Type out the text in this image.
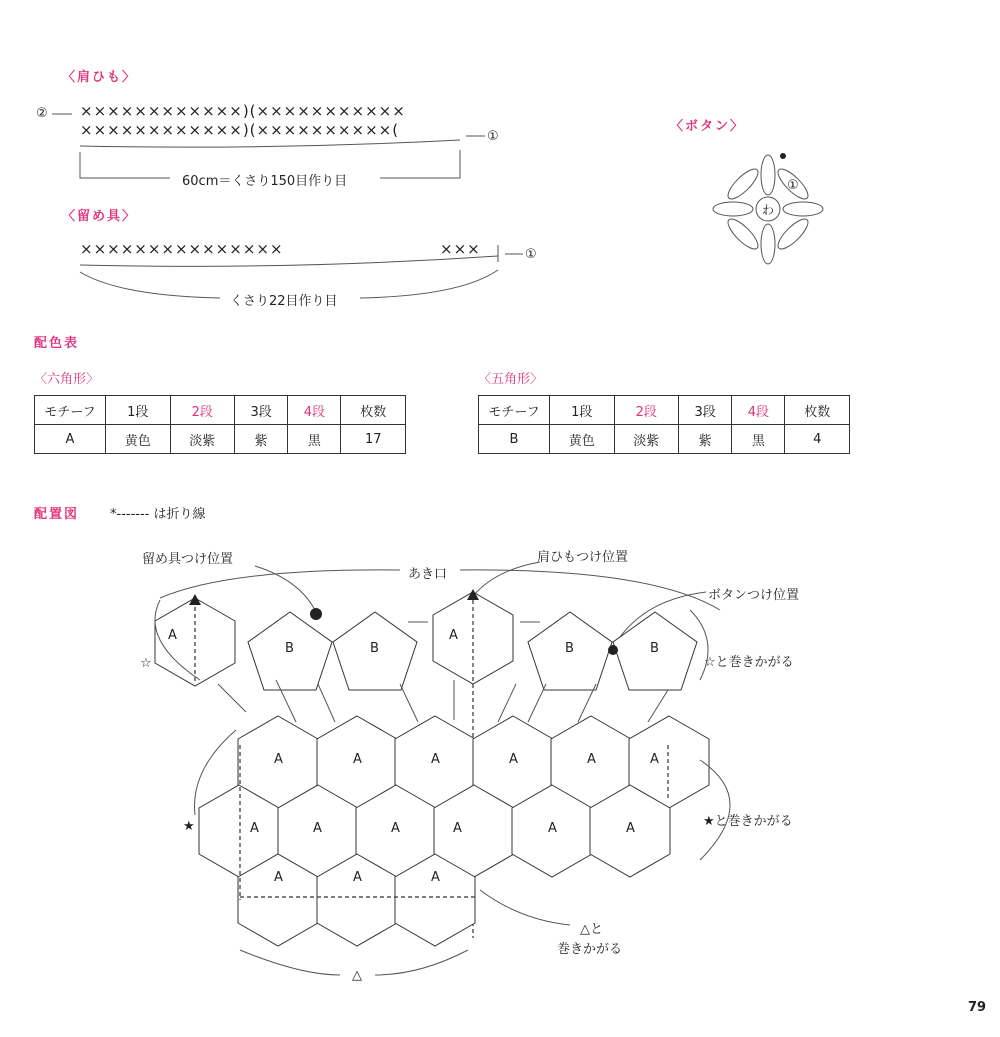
〈肩ひも〉
②
①
××××××××××××)(×××××××××××
××××××××××××)(××××××××××(
60cm＝くさり150目作り目
〈留め具〉
×××××××××××××××	×××	①
くさり22目作り目
〈ボタン〉
わ
①
配色表
〈六角形〉	〈五角形〉
モチーフ	1段	2段	3段	4段	枚数
A	黄色	淡紫	紫	黒	17
モチーフ	1段	2段	3段	4段	枚数
B	黄色	淡紫	紫	黒	4
配置図 *------- は折り線
留め具つけ位置
あき口
肩ひもつけ位置
ボタンつけ位置
☆	☆と巻きかがる
★	★と巻きかがる
△と
巻きかがる
△
79
A
B	B
A
B	B
A	A	A	A	A	A
A	A	A	A	A	A
A	A	A
